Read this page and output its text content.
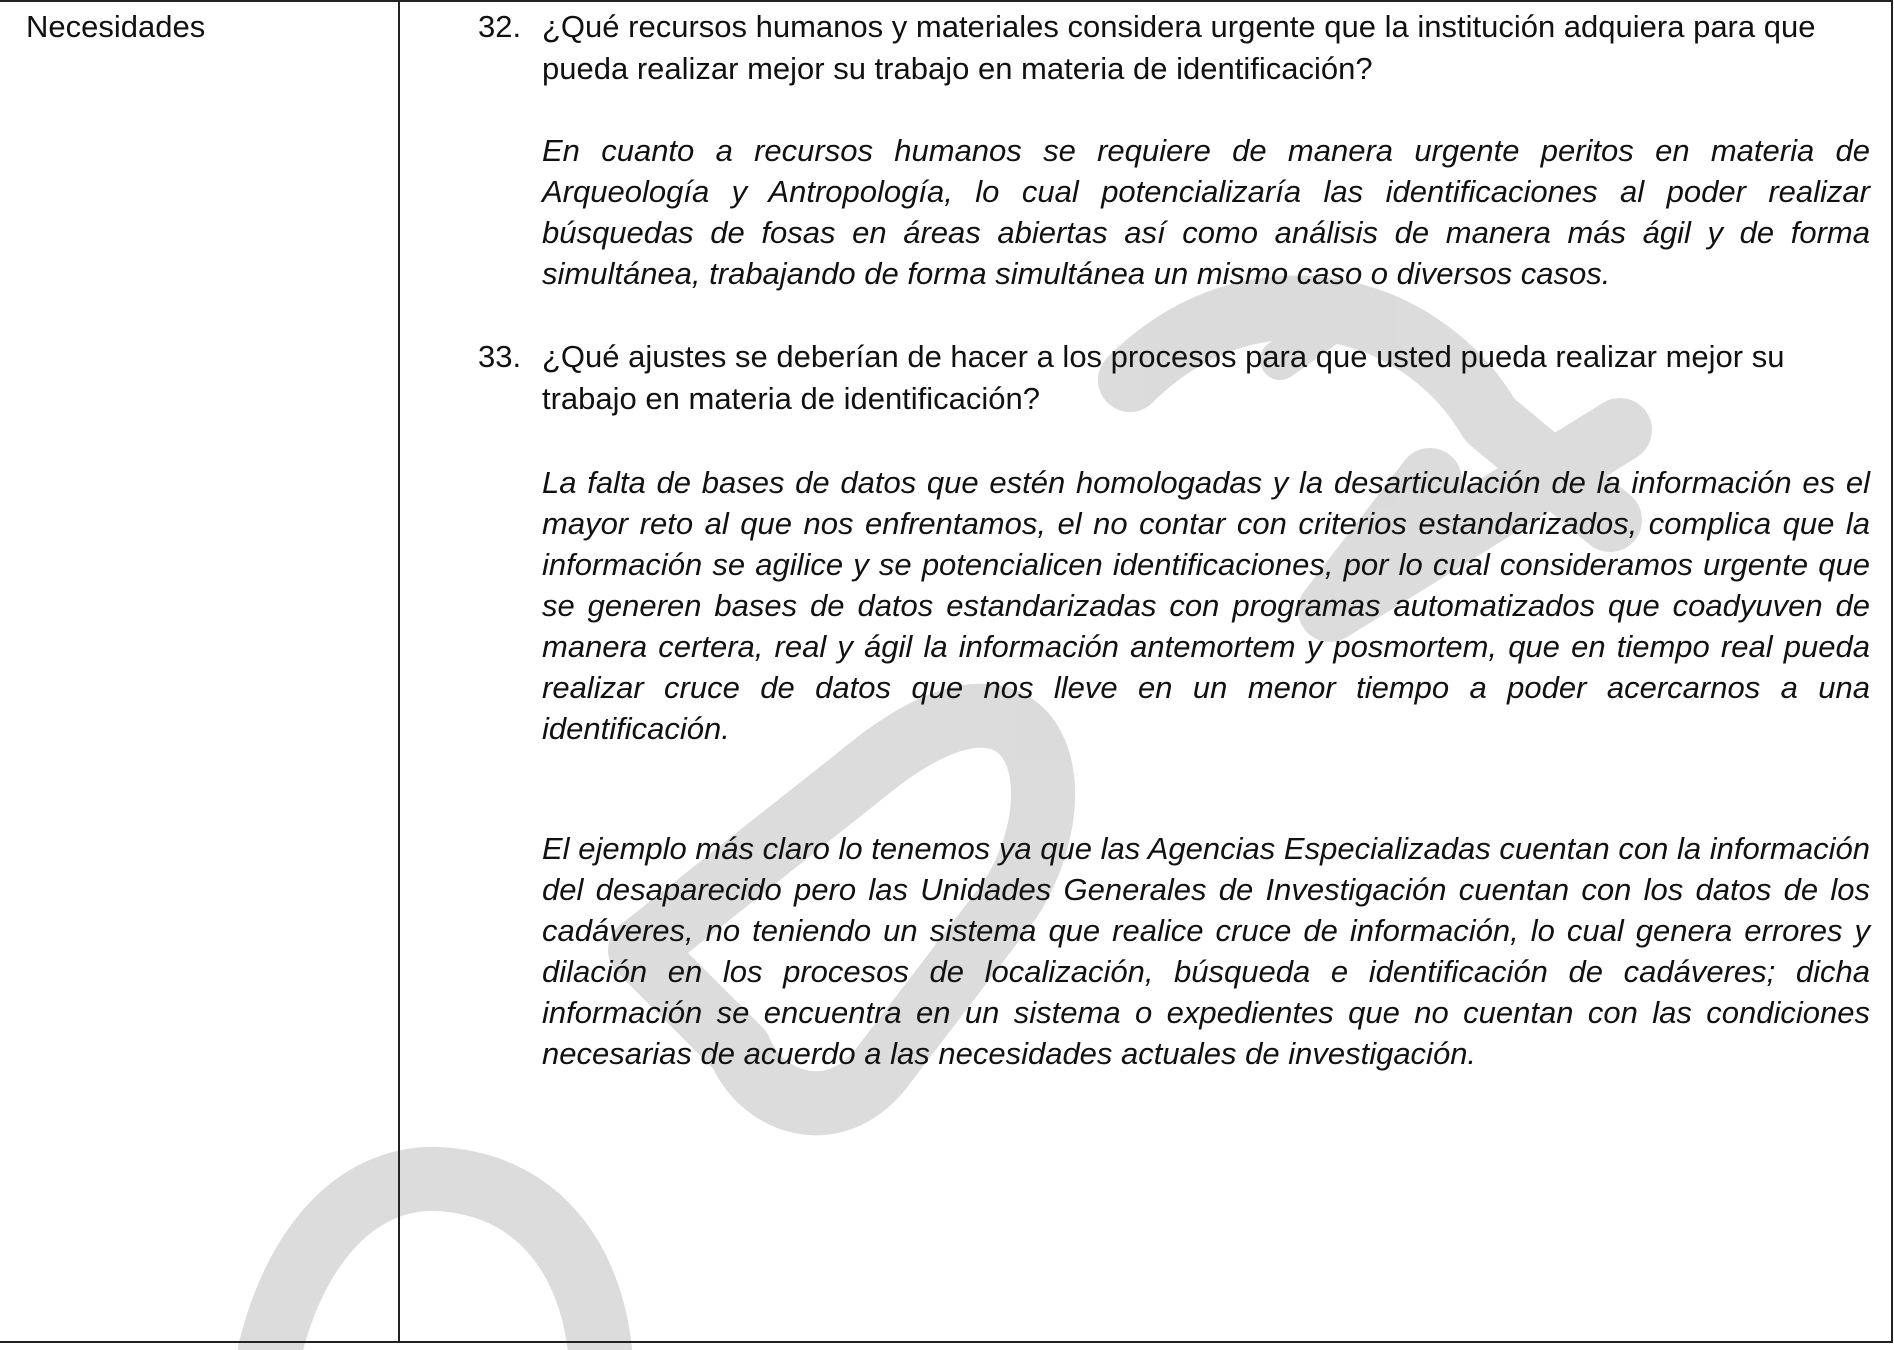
Necesidades	32. ¿Qué recursos humanos y materiales considera urgente que la institución adquiera para que pueda realizar mejor su trabajo en materia de identificación?

En cuanto a recursos humanos se requiere de manera urgente peritos en materia de Arqueología y Antropología, lo cual potencializaría las identificaciones al poder realizar búsquedas de fosas en áreas abiertas así como análisis de manera más ágil y de forma simultánea, trabajando de forma simultánea un mismo caso o diversos casos.

33. ¿Qué ajustes se deberían de hacer a los procesos para que usted pueda realizar mejor su trabajo en materia de identificación?

La falta de bases de datos que estén homologadas y la desarticulación de la información es el mayor reto al que nos enfrentamos, el no contar con criterios estandarizados, complica que la información se agilice y se potencialicen identificaciones, por lo cual consideramos urgente que se generen bases de datos estandarizadas con programas automatizados que coadyuven de manera certera, real y ágil la información antemortem y posmortem, que en tiempo real pueda realizar cruce de datos que nos lleve en un menor tiempo a poder acercarnos a una identificación.

El ejemplo más claro lo tenemos ya que las Agencias Especializadas cuentan con la información del desaparecido pero las Unidades Generales de Investigación cuentan con los datos de los cadáveres, no teniendo un sistema que realice cruce de información, lo cual genera errores y dilación en los procesos de localización, búsqueda e identificación de cadáveres; dicha información se encuentra en un sistema o expedientes que no cuentan con las condiciones necesarias de acuerdo a las necesidades actuales de investigación.
